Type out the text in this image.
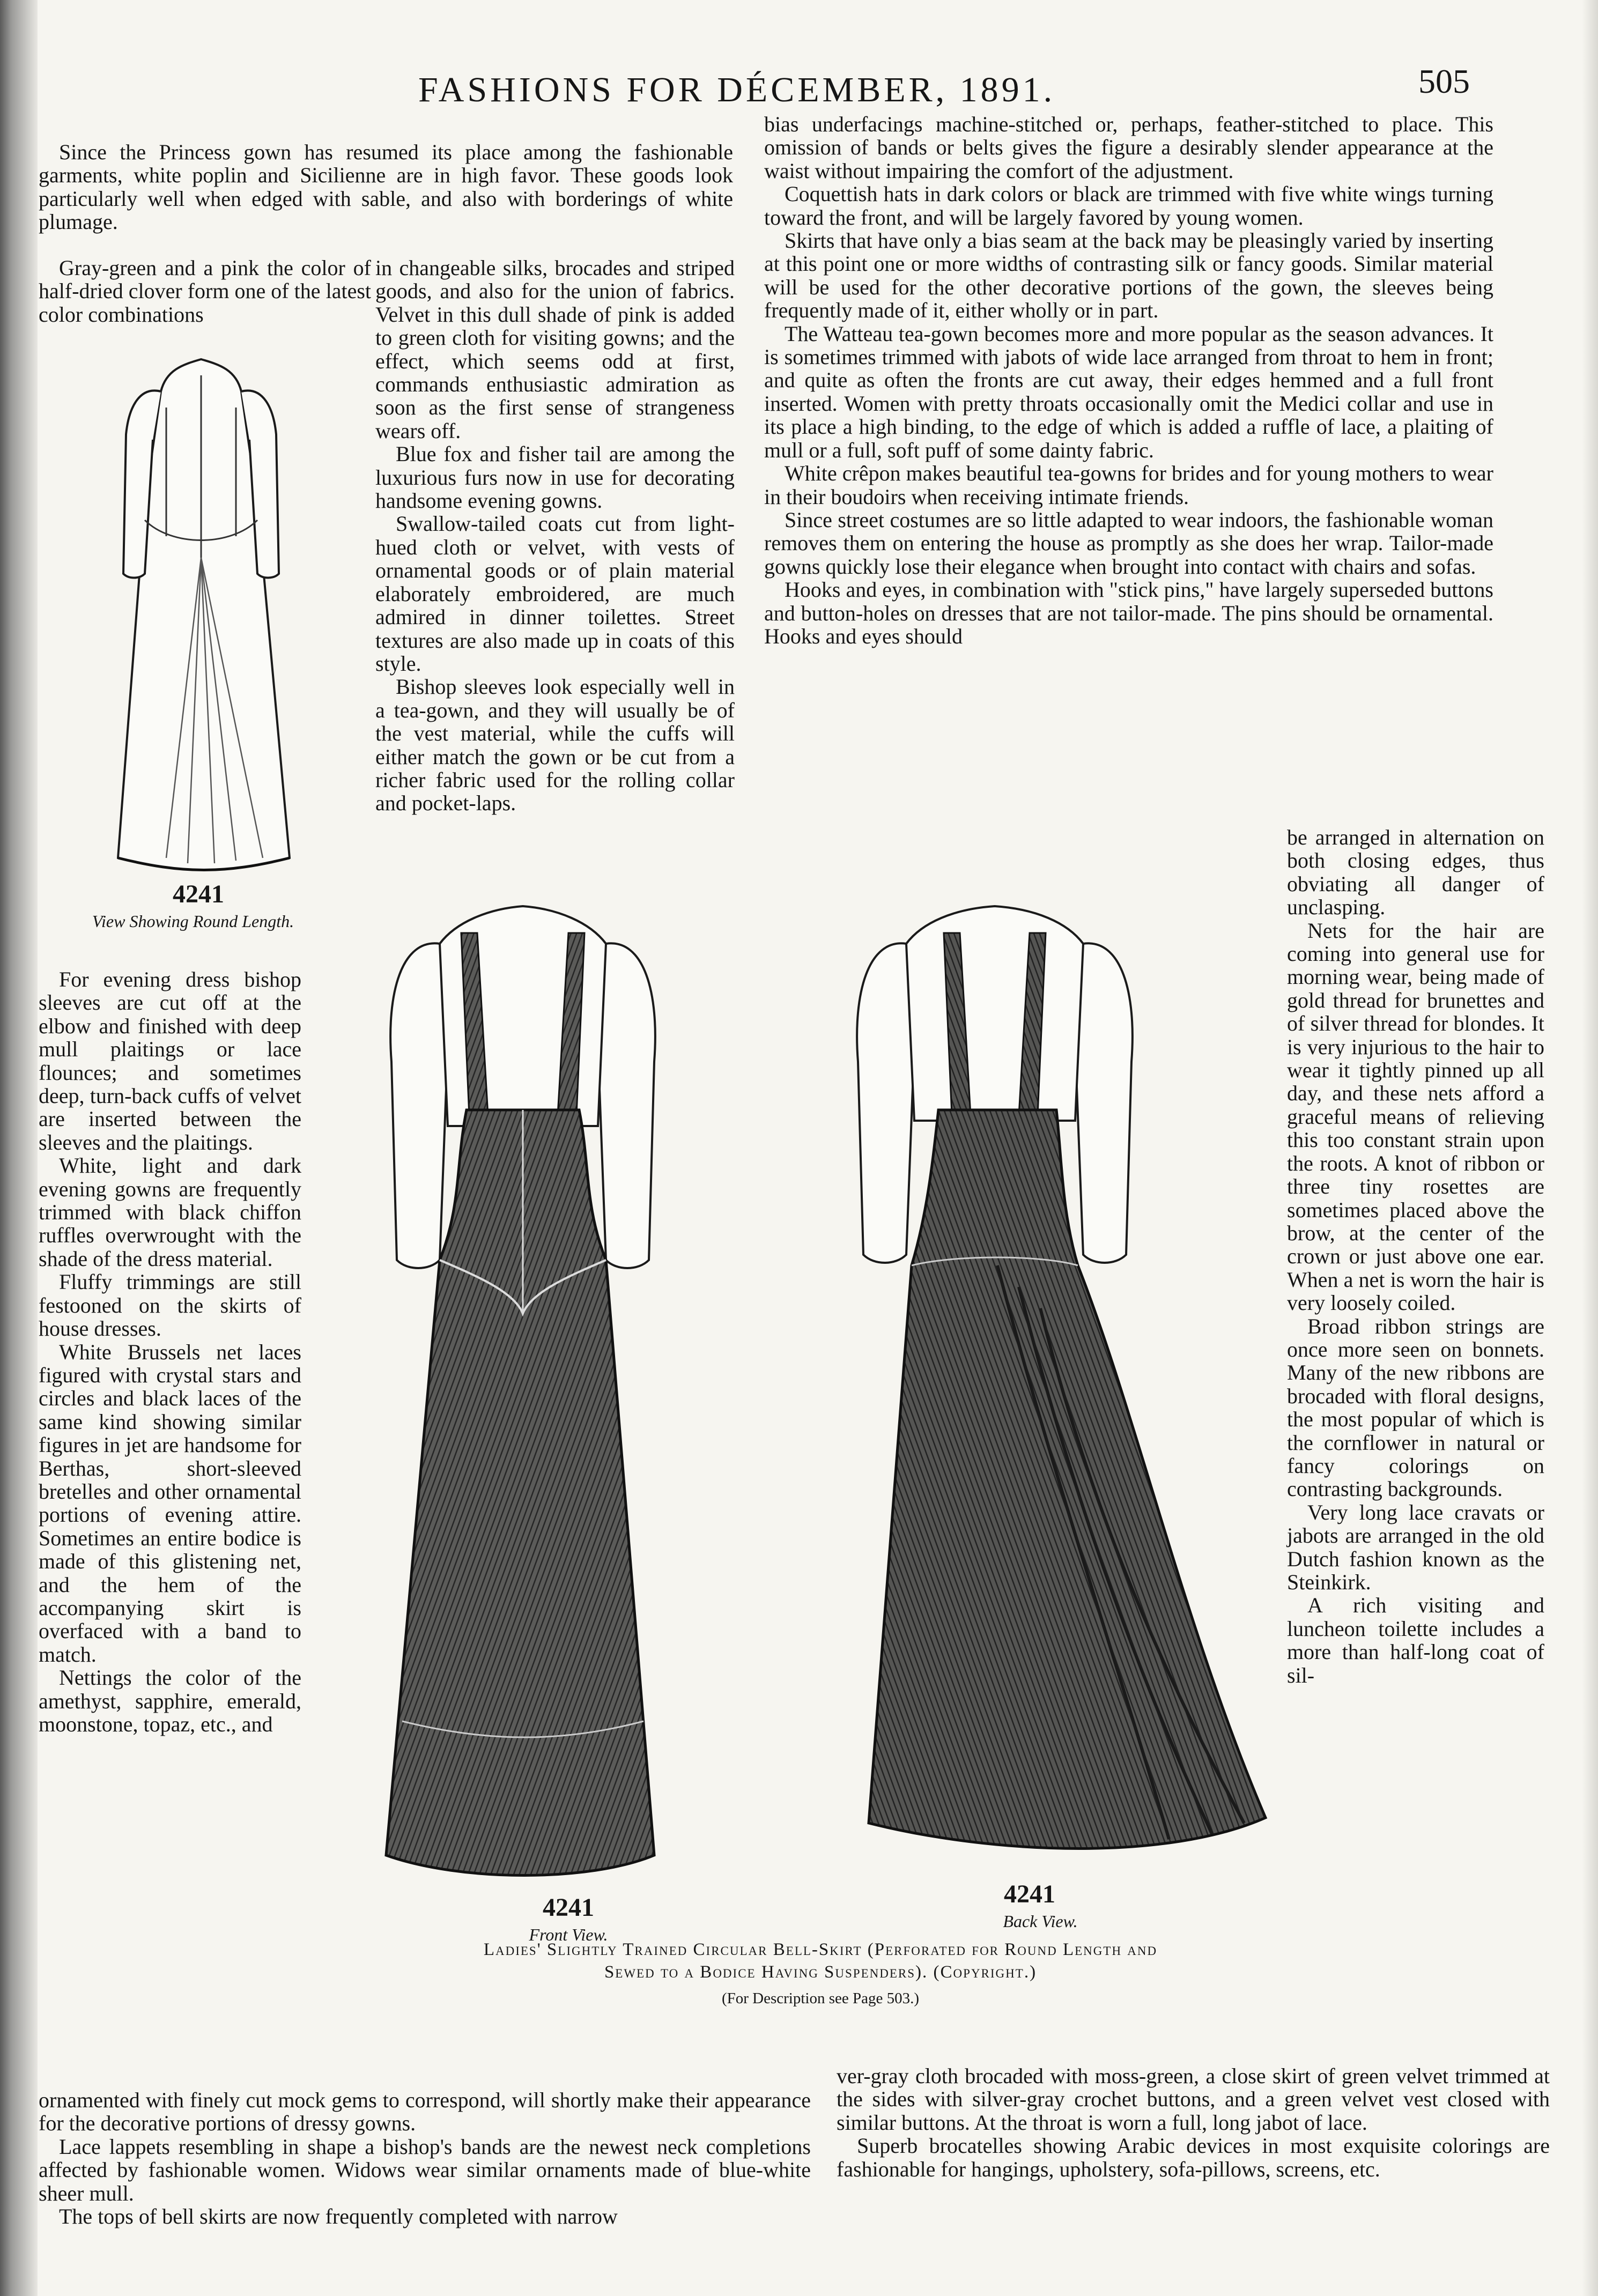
FASHIONS FOR DÉCEMBER, 1891.	505

Since the Princess gown has resumed its place among the fashionable garments, white poplin and Sicilienne are in high favor. These goods look particularly well when edged with sable, and also with borderings of white plumage.

Gray-green and a pink the color of half-dried clover form one of the latest color combinations

in changeable silks, brocades and striped goods, and also for the union of fabrics. Velvet in this dull shade of pink is added to green cloth for visiting gowns; and the effect, which seems odd at first, commands enthusiastic admiration as soon as the first sense of strangeness wears off.

Blue fox and fisher tail are among the luxurious furs now in use for decorating handsome evening gowns.

Swallow-tailed coats cut from light-hued cloth or velvet, with vests of ornamental goods or of plain material elaborately embroidered, are much admired in dinner toilettes. Street textures are also made up in coats of this style.

Bishop sleeves look especially well in a tea-gown, and they will usually be of the vest material, while the cuffs will either match the gown or be cut from a richer fabric used for the rolling collar and pocket-laps.

bias underfacings machine-stitched or, perhaps, feather-stitched to place. This omission of bands or belts gives the figure a desirably slender appearance at the waist without impairing the comfort of the adjustment.

Coquettish hats in dark colors or black are trimmed with five white wings turning toward the front, and will be largely favored by young women.

Skirts that have only a bias seam at the back may be pleasingly varied by inserting at this point one or more widths of contrasting silk or fancy goods. Similar material will be used for the other decorative portions of the gown, the sleeves being frequently made of it, either wholly or in part.

The Watteau tea-gown becomes more and more popular as the season advances. It is sometimes trimmed with jabots of wide lace arranged from throat to hem in front; and quite as often the fronts are cut away, their edges hemmed and a full front inserted. Women with pretty throats occasionally omit the Medici collar and use in its place a high binding, to the edge of which is added a ruffle of lace, a plaiting of mull or a full, soft puff of some dainty fabric.

White crêpon makes beautiful tea-gowns for brides and for young mothers to wear in their boudoirs when receiving intimate friends.

Since street costumes are so little adapted to wear indoors, the fashionable woman removes them on entering the house as promptly as she does her wrap. Tailor-made gowns quickly lose their elegance when brought into contact with chairs and sofas.

Hooks and eyes, in combination with "stick pins," have largely superseded buttons and button-holes on dresses that are not tailor-made. The pins should be ornamental. Hooks and eyes should

be arranged in alternation on both closing edges, thus obviating all danger of unclasping.

Nets for the hair are coming into general use for morning wear, being made of gold thread for brunettes and of silver thread for blondes. It is very injurious to the hair to wear it tightly pinned up all day, and these nets afford a graceful means of relieving this too constant strain upon the roots. A knot of ribbon or three tiny rosettes are sometimes placed above the brow, at the center of the crown or just above one ear. When a net is worn the hair is very loosely coiled.

Broad ribbon strings are once more seen on bonnets. Many of the new ribbons are brocaded with floral designs, the most popular of which is the cornflower in natural or fancy colorings on contrasting backgrounds.

Very long lace cravats or jabots are arranged in the old Dutch fashion known as the Steinkirk.

A rich visiting and luncheon toilette includes a more than half-long coat of sil-

For evening dress bishop sleeves are cut off at the elbow and finished with deep mull plaitings or lace flounces; and sometimes deep, turn-back cuffs of velvet are inserted between the sleeves and the plaitings.

White, light and dark evening gowns are frequently trimmed with black chiffon ruffles overwrought with the shade of the dress material.

Fluffy trimmings are still festooned on the skirts of house dresses.

White Brussels net laces figured with crystal stars and circles and black laces of the same kind showing similar figures in jet are handsome for Berthas, short-sleeved bretelles and other ornamental portions of evening attire. Sometimes an entire bodice is made of this glistening net, and the hem of the accompanying skirt is overfaced with a band to match.

Nettings the color of the amethyst, sapphire, emerald, moonstone, topaz, etc., and

ornamented with finely cut mock gems to correspond, will shortly make their appearance for the decorative portions of dressy gowns.

Lace lappets resembling in shape a bishop's bands are the newest neck completions affected by fashionable women. Widows wear similar ornaments made of blue-white sheer mull.

The tops of bell skirts are now frequently completed with narrow

ver-gray cloth brocaded with moss-green, a close skirt of green velvet trimmed at the sides with silver-gray crochet buttons, and a green velvet vest closed with similar buttons. At the throat is worn a full, long jabot of lace.

Superb brocatelles showing Arabic devices in most exquisite colorings are fashionable for hangings, upholstery, sofa-pillows, screens, etc.

4241
View Showing Round Length.
4241
Front View.
4241
Back View.
Ladies' Slightly Trained Circular Bell-Skirt (Perforated for Round Length and
Sewed to a Bodice Having Suspenders). (Copyright.)
(For Description see Page 503.)
